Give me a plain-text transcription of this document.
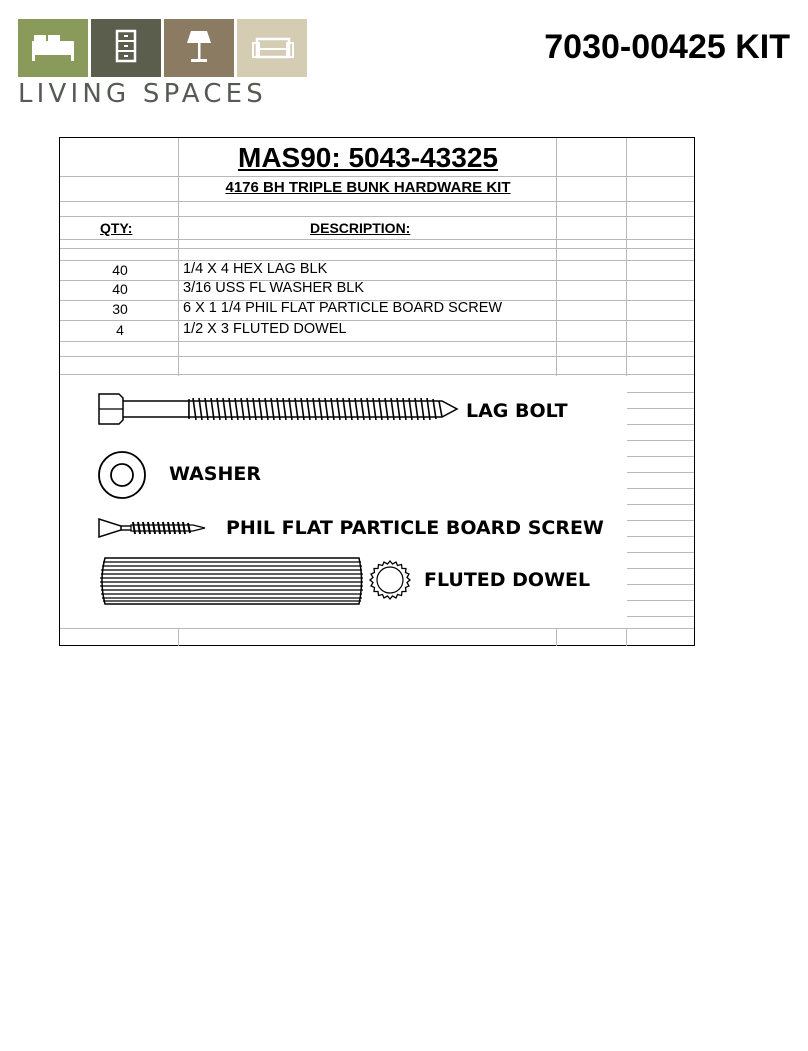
LIVING SPACES
7030-00425 KIT
MAS90: 5043-43325
4176 BH TRIPLE BUNK HARDWARE KIT
QTY:	DESCRIPTION:
40	1/4 X 4 HEX LAG BLK
40	3/16 USS FL WASHER BLK
30	6 X 1 1/4 PHIL FLAT PARTICLE BOARD SCREW
4	1/2 X 3 FLUTED DOWEL
LAG BOLT
WASHER
PHIL FLAT PARTICLE BOARD SCREW
FLUTED DOWEL
